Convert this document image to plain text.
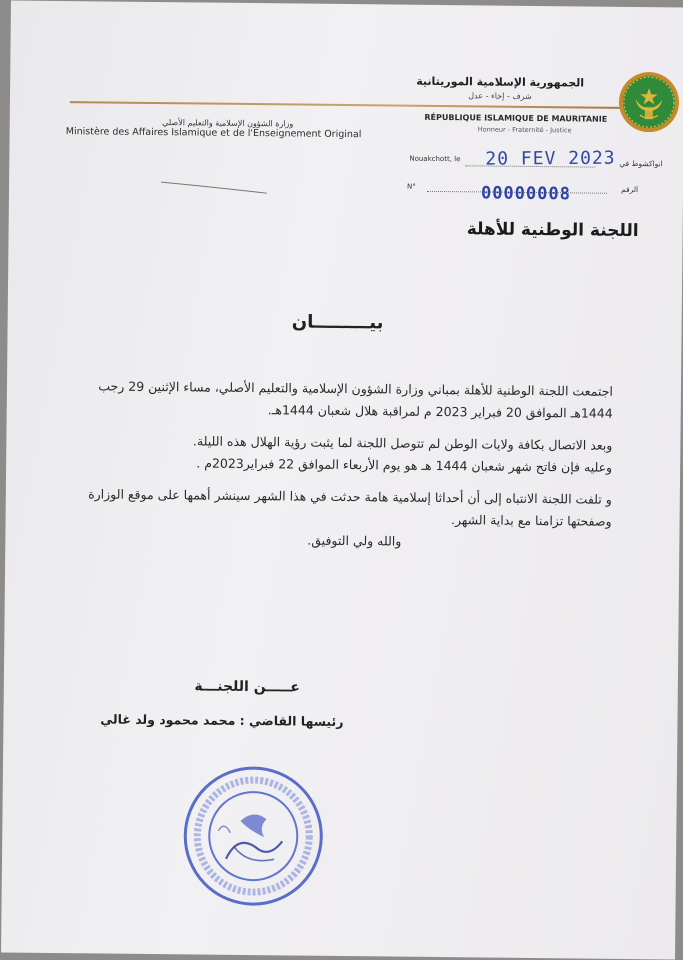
وزارة الشؤون الإسلامية والتعليم الأصلي
Ministère des Affaires Islamique et de l'Enseignement Original
الجمهورية الإسلامية الموريتانية
شرف - إخاء - عدل
RÉPUBLIQUE ISLAMIQUE DE MAURITANIE
Honneur - Fraternité - Justice
Nouakchott, le 20 FEV 2023 انواكشوط في
N°	00000008	الرقم
اللجنة الوطنية للأهلة
بيـــــــــان

اجتمعت اللجنة الوطنية للأهلة بمباني وزارة الشؤون الإسلامية والتعليم الأصلي، مساء الإثنين 29 رجب 1444هـ الموافق 20 فبراير 2023 م لمراقبة هلال شعبان 1444هـ.

وبعد الاتصال بكافة ولايات الوطن لم تتوصل اللجنة لما يثبت رؤية الهلال هذه الليلة.

وعليه فإن فاتح شهر شعبان 1444 هـ هو يوم الأربعاء الموافق 22 فبراير2023م .

و تلفت اللجنة الانتباه إلى أن أحداثا إسلامية هامة حدثت في هذا الشهر سينشر أهمها على موقع الوزارة وصفحتها تزامنا مع بداية الشهر.

والله ولي التوفيق.

عـــــن اللجنـــة
رئيسها القاضي : محمد محمود ولد غالي
